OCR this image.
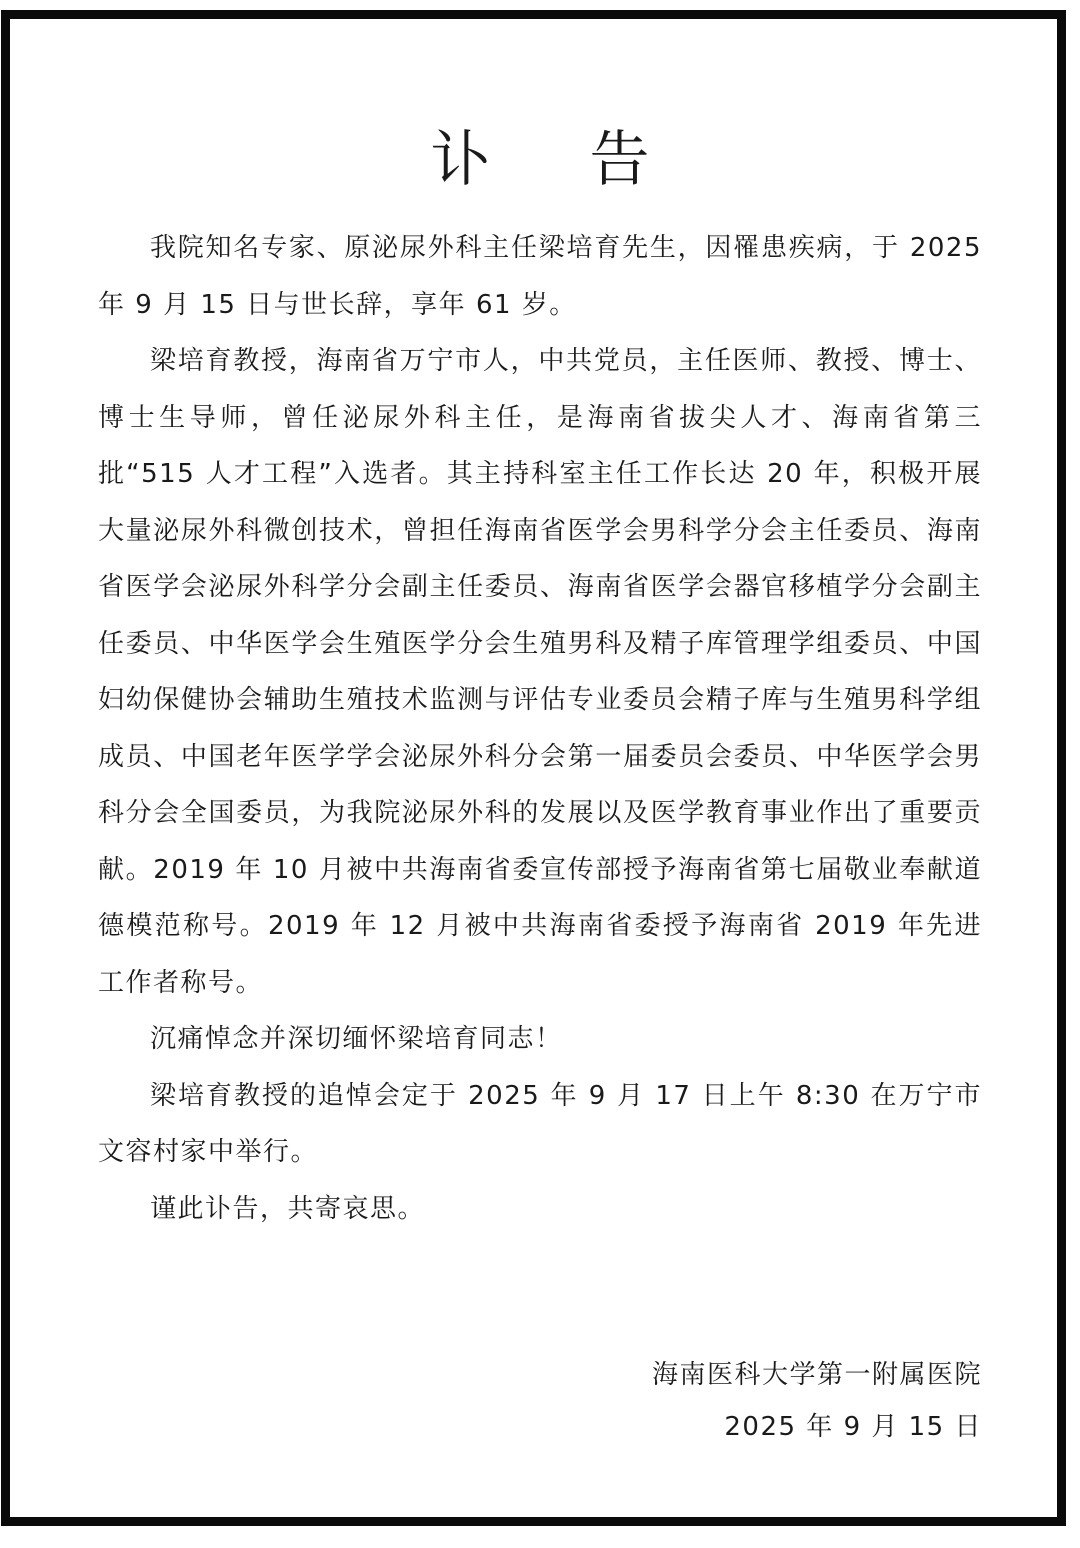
讣 告

我院知名专家、原泌尿外科主任梁培育先生，因罹患疾病，于 2025 年 9 月 15 日与世长辞，享年 61 岁。

梁培育教授，海南省万宁市人，中共党员，主任医师、教授、博士、博士生导师，曾任泌尿外科主任，是海南省拔尖人才、海南省第三批“515 人才工程”入选者。其主持科室主任工作长达 20 年，积极开展大量泌尿外科微创技术，曾担任海南省医学会男科学分会主任委员、海南省医学会泌尿外科学分会副主任委员、海南省医学会器官移植学分会副主任委员、中华医学会生殖医学分会生殖男科及精子库管理学组委员、中国妇幼保健协会辅助生殖技术监测与评估专业委员会精子库与生殖男科学组成员、中国老年医学学会泌尿外科分会第一届委员会委员、中华医学会男科分会全国委员，为我院泌尿外科的发展以及医学教育事业作出了重要贡献。2019 年 10 月被中共海南省委宣传部授予海南省第七届敬业奉献道德模范称号。2019 年 12 月被中共海南省委授予海南省 2019 年先进工作者称号。

沉痛悼念并深切缅怀梁培育同志！

梁培育教授的追悼会定于 2025 年 9 月 17 日上午 8:30 在万宁市文容村家中举行。

谨此讣告，共寄哀思。

海南医科大学第一附属医院
2025 年 9 月 15 日
